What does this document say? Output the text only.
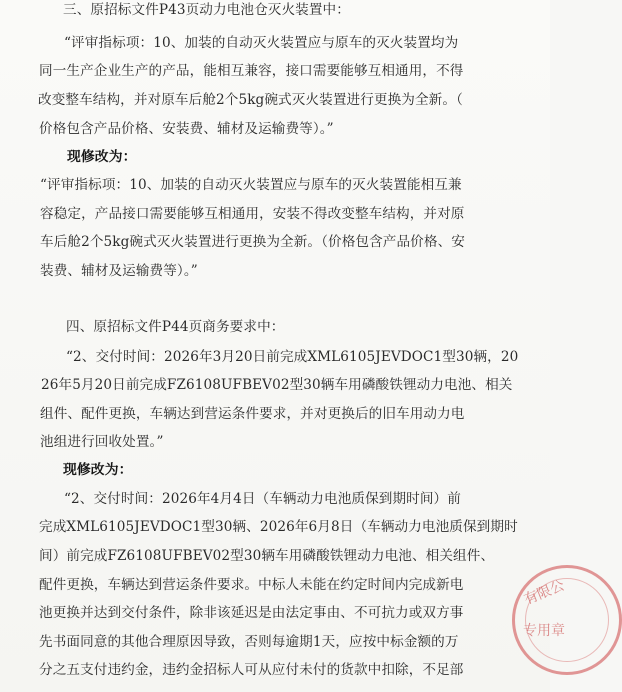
三、原招标文件P43页动力电池仓灭火装置中：
“评审指标项：10、加装的自动灭火装置应与原车的灭火装置均为
同一生产企业生产的产品，能相互兼容，接口需要能够互相通用，不得
改变整车结构，并对原车后舱2个5kg碗式灭火装置进行更换为全新。（
价格包含产品价格、安装费、辅材及运输费等）。”
现修改为：
“评审指标项：10、加装的自动灭火装置应与原车的灭火装置能相互兼
容稳定，产品接口需要能够互相通用，安装不得改变整车结构，并对原
车后舱2个5kg碗式灭火装置进行更换为全新。（价格包含产品价格、安
装费、辅材及运输费等）。”
四、原招标文件P44页商务要求中：
“2、交付时间：2026年3月20日前完成XML6105JEVDOC1型30辆，20
26年5月20日前完成FZ6108UFBEV02型30辆车用磷酸铁锂动力电池、相关
组件、配件更换，车辆达到营运条件要求，并对更换后的旧车用动力电
池组进行回收处置。”
现修改为：
“2、交付时间：2026年4月4日（车辆动力电池质保到期时间）前
完成XML6105JEVDOC1型30辆、2026年6月8日（车辆动力电池质保到期时
间）前完成FZ6108UFBEV02型30辆车用磷酸铁锂动力电池、相关组件、
配件更换，车辆达到营运条件要求。中标人未能在约定时间内完成新电
池更换并达到交付条件，除非该延迟是由法定事由、不可抗力或双方事
先书面同意的其他合理原因导致，否则每逾期1天，应按中标金额的万
分之五支付违约金，违约金招标人可从应付未付的货款中扣除，不足部
有限公
专用章
